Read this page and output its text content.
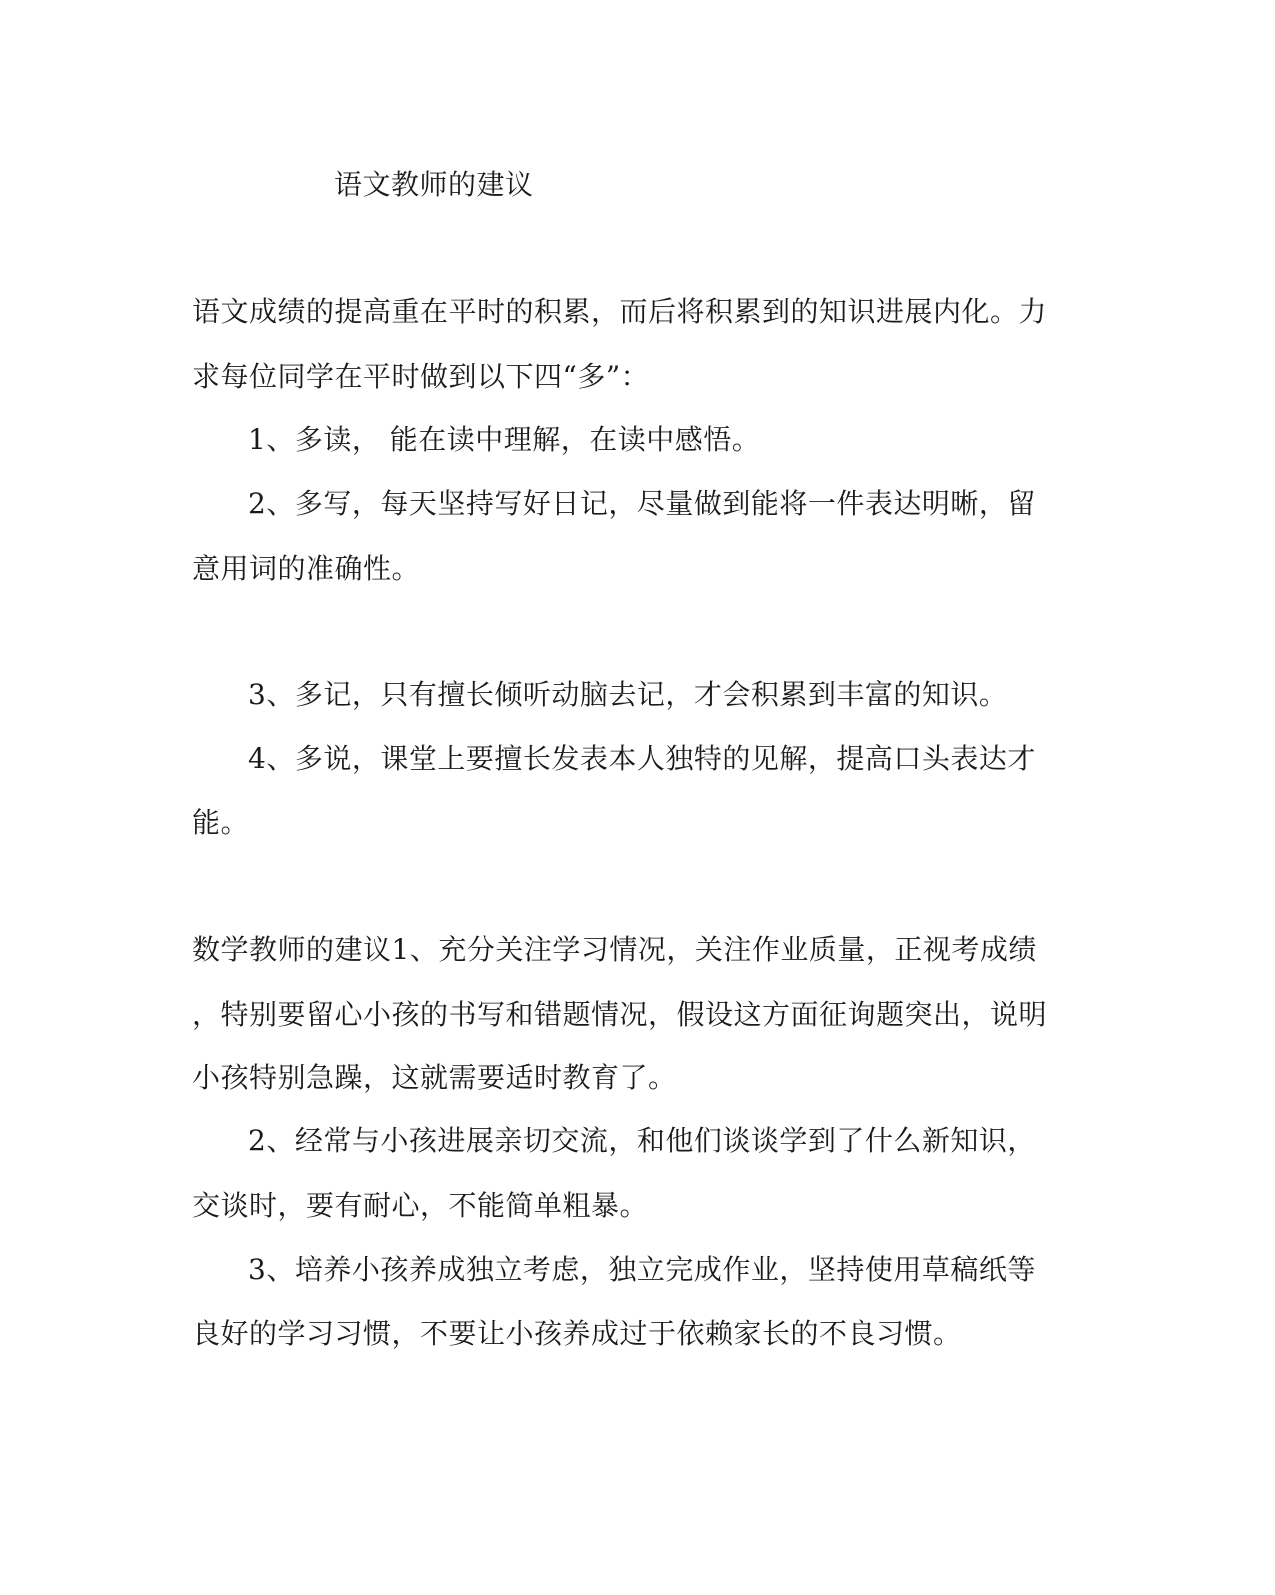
语文教师的建议
语文成绩的提高重在平时的积累，而后将积累到的知识进展内化。力
求每位同学在平时做到以下四“多”：
1、多读， 能在读中理解，在读中感悟。
2、多写，每天坚持写好日记，尽量做到能将一件表达明晰，留
意用词的准确性。
3、多记，只有擅长倾听动脑去记，才会积累到丰富的知识。
4、多说，课堂上要擅长发表本人独特的见解，提高口头表达才
能。
数学教师的建议1、充分关注学习情况，关注作业质量，正视考成绩
，特别要留心小孩的书写和错题情况，假设这方面征询题突出，说明
小孩特别急躁，这就需要适时教育了。
2、经常与小孩进展亲切交流，和他们谈谈学到了什么新知识，
交谈时，要有耐心，不能简单粗暴。
3、培养小孩养成独立考虑，独立完成作业，坚持使用草稿纸等
良好的学习习惯，不要让小孩养成过于依赖家长的不良习惯。
